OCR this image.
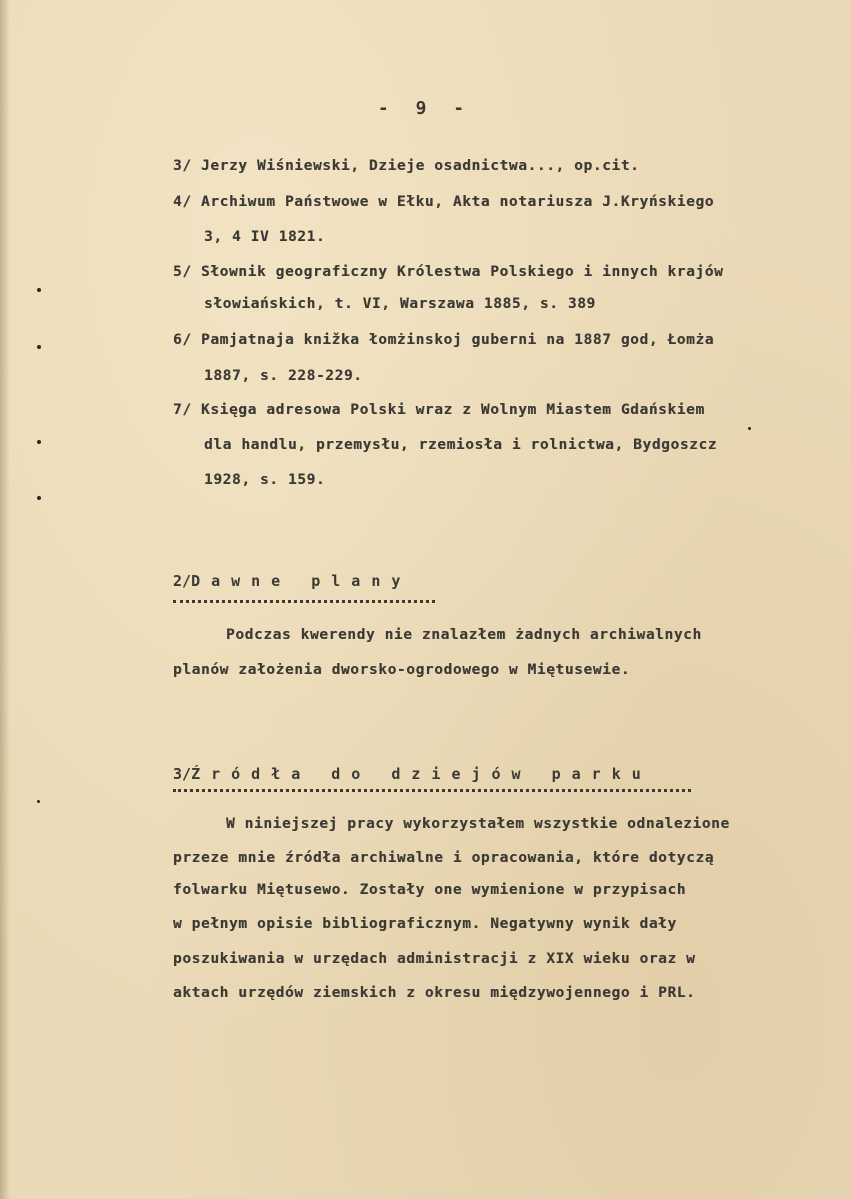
- 9 -
3/ Jerzy Wiśniewski, Dzieje osadnictwa..., op.cit.
4/ Archiwum Państwowe w Ełku, Akta notariusza J.Kryńskiego
3, 4 IV 1821.
5/ Słownik geograficzny Królestwa Polskiego i innych krajów
słowiańskich, t. VI, Warszawa 1885, s. 389
6/ Pamjatnaja knižka łomżinskoj guberni na 1887 god, Łomża
1887, s. 228-229.
7/ Księga adresowa Polski wraz z Wolnym Miastem Gdańskiem
dla handlu, przemysłu, rzemiosła i rolnictwa, Bydgoszcz
1928, s. 159.
2/Dawne plany
Podczas kwerendy nie znalazłem żadnych archiwalnych
planów założenia dworsko-ogrodowego w Miętusewie.
3/Źródła do dziejów parku
W niniejszej pracy wykorzystałem wszystkie odnalezione
przeze mnie źródła archiwalne i opracowania, które dotyczą
folwarku Miętusewo. Zostały one wymienione w przypisach
w pełnym opisie bibliograficznym. Negatywny wynik dały
poszukiwania w urzędach administracji z XIX wieku oraz w
aktach urzędów ziemskich z okresu międzywojennego i PRL.
